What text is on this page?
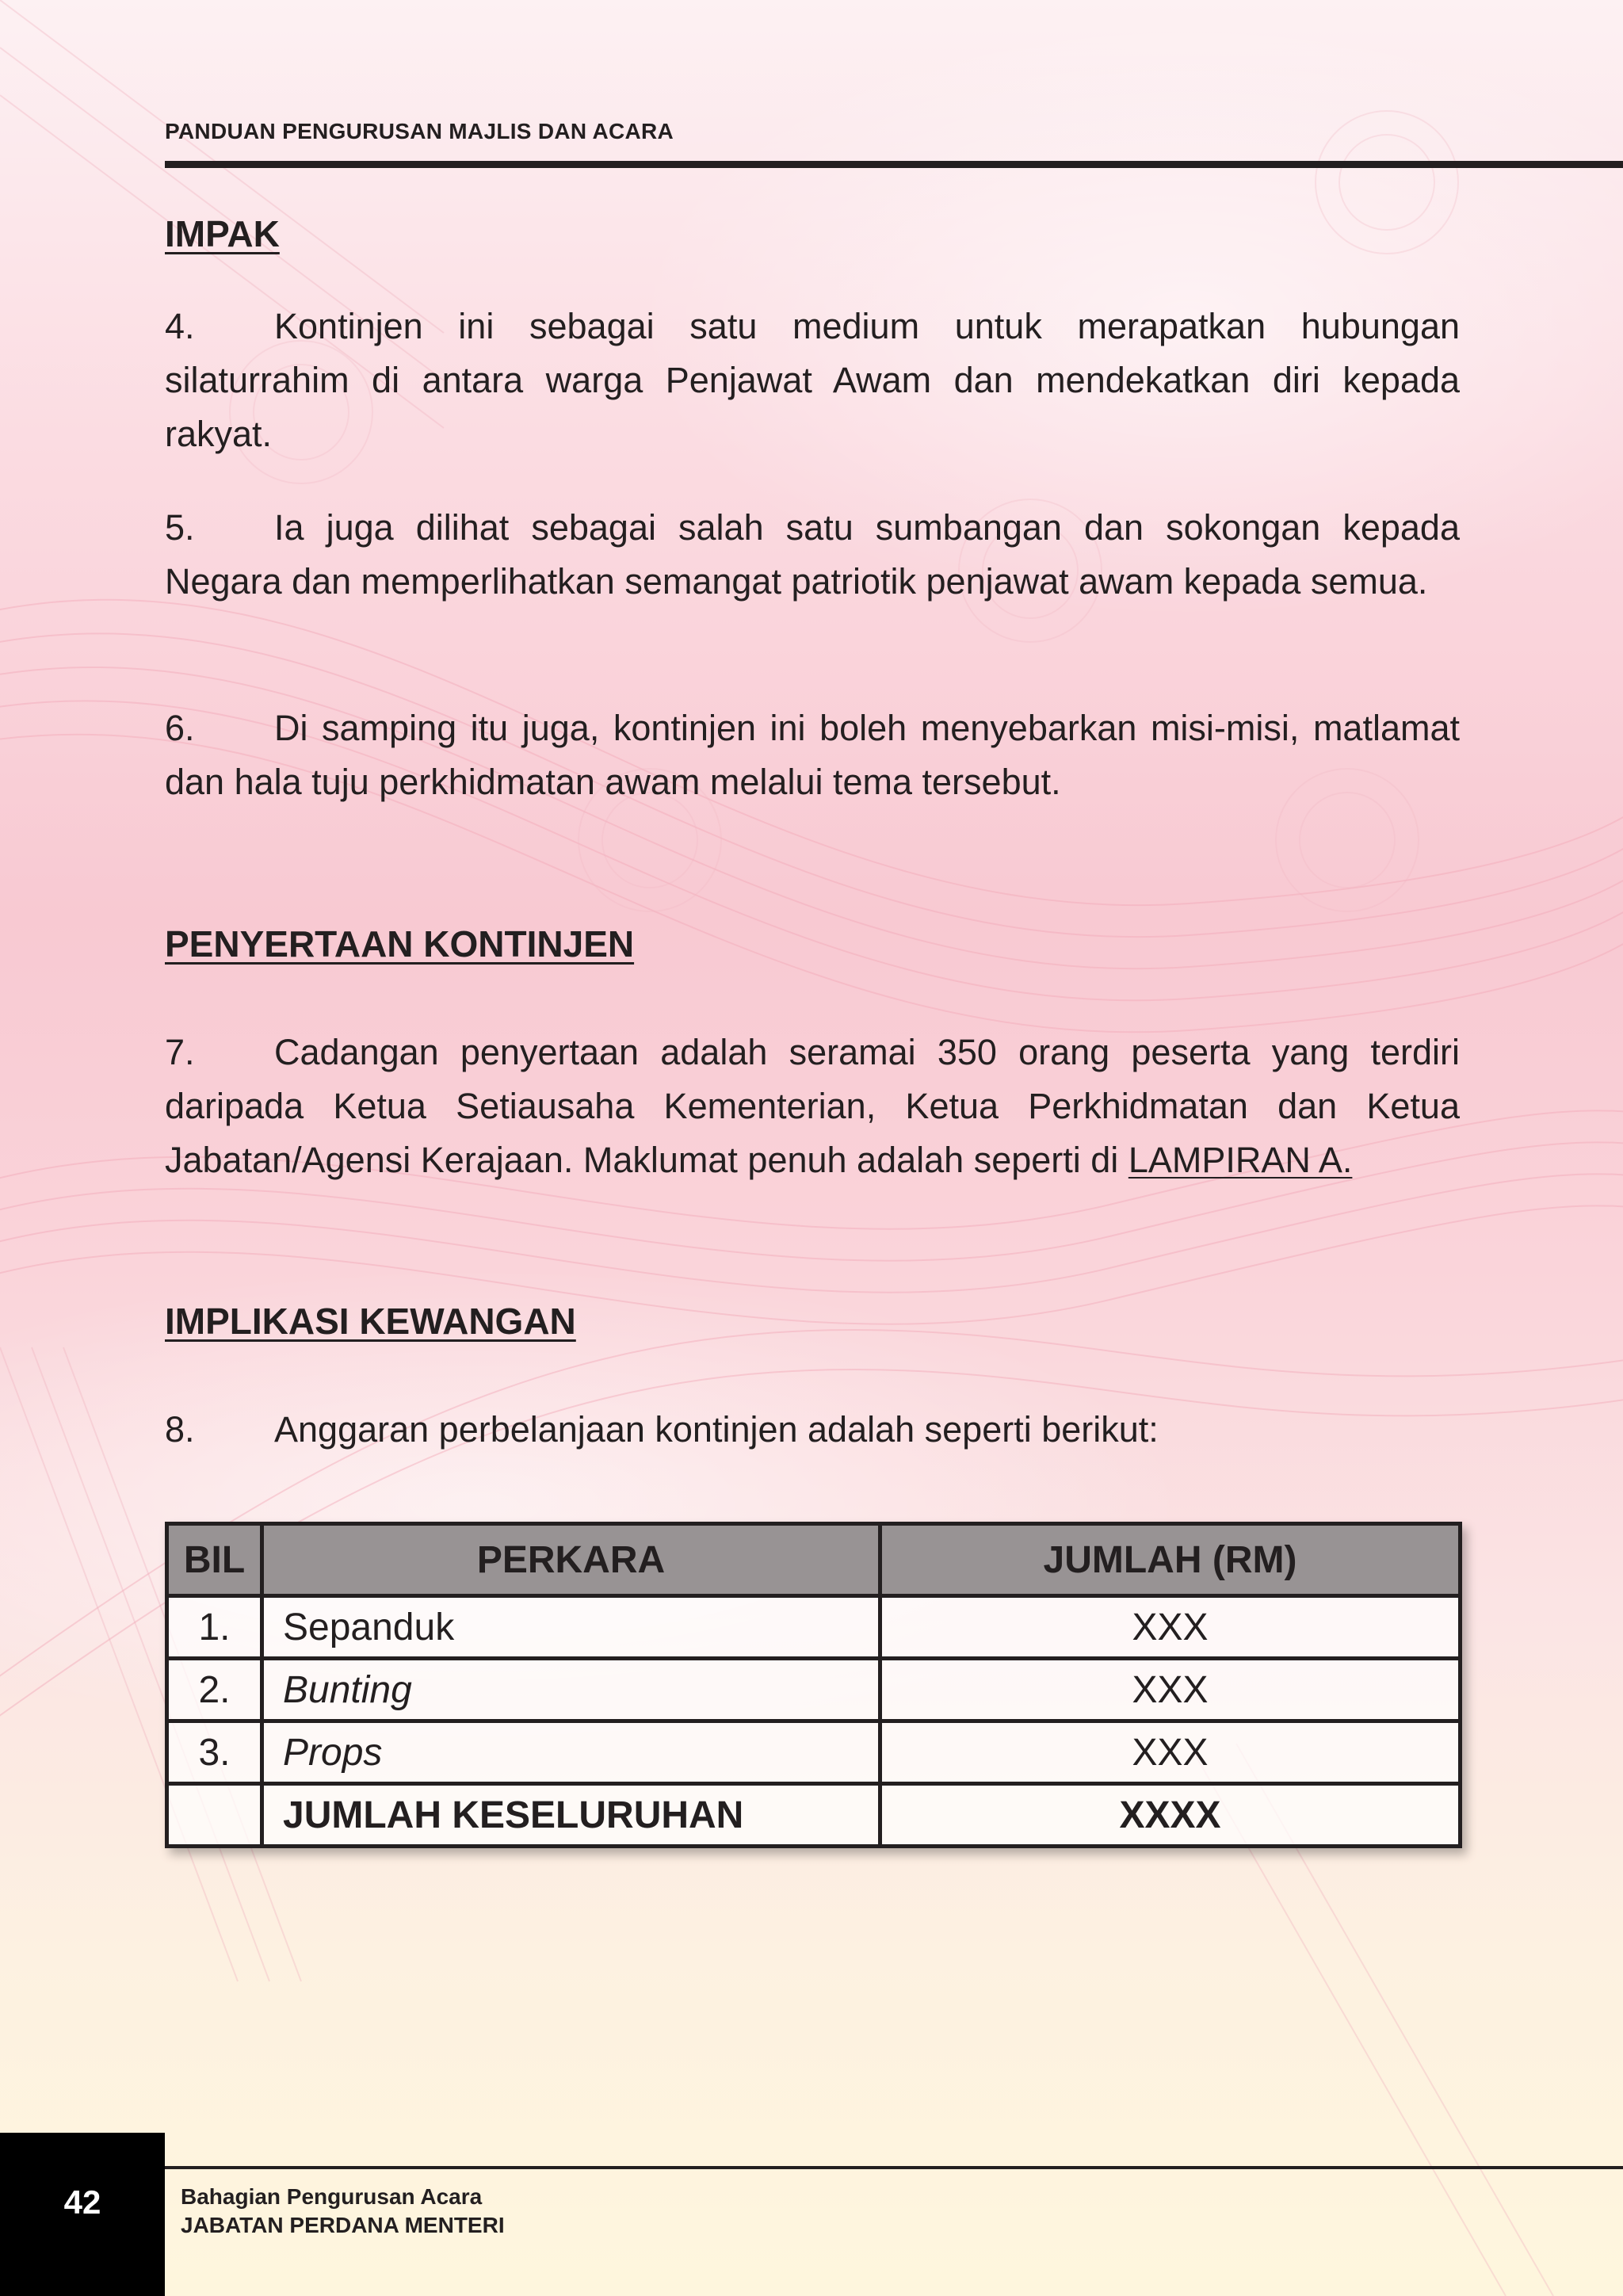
PANDUAN PENGURUSAN MAJLIS DAN ACARA
IMPAK
4. Kontinjen ini sebagai satu medium untuk merapatkan hubungan silaturrahim di antara warga Penjawat Awam dan mendekatkan diri kepada rakyat.
5. Ia juga dilihat sebagai salah satu sumbangan dan sokongan kepada Negara dan memperlihatkan semangat patriotik penjawat awam kepada semua.
6. Di samping itu juga, kontinjen ini boleh menyebarkan misi-misi, matlamat dan hala tuju perkhidmatan awam melalui tema tersebut.
PENYERTAAN KONTINJEN
7. Cadangan penyertaan adalah seramai 350 orang peserta yang terdiri daripada Ketua Setiausaha Kementerian, Ketua Perkhidmatan dan Ketua Jabatan/Agensi Kerajaan. Maklumat penuh adalah seperti di LAMPIRAN A.
IMPLIKASI KEWANGAN
8. Anggaran perbelanjaan kontinjen adalah seperti berikut:
BIL	PERKARA	JUMLAH (RM)
1.	Sepanduk	XXX
2.	Bunting	XXX
3.	Props	XXX
	JUMLAH KESELURUHAN	XXXX
42	Bahagian Pengurusan Acara
JABATAN PERDANA MENTERI
